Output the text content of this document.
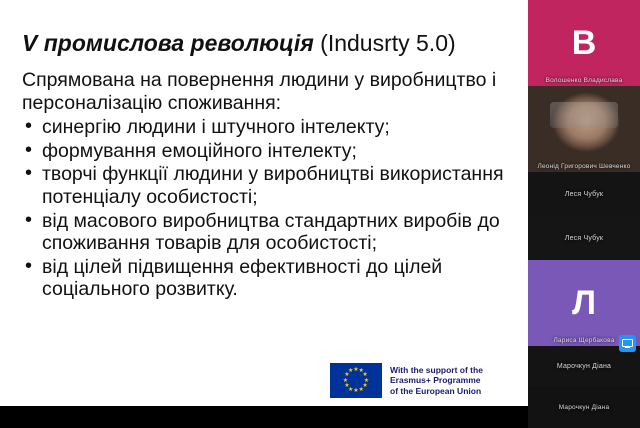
V промислова революція (Indusrty 5.0)

Спрямована на повернення людини у виробництво і персоналізацію споживання:

• синергію людини і штучного інтелекту;
• формування емоційного інтелекту;
• творчі функції людини у виробництві використання потенціалу особистості;
• від масового виробництва стандартних виробів до споживання товарів для особистості;
• від цілей підвищення ефективності до цілей соціального розвитку.
★ ★
★
★
★
★
★
★
★
★
★
★	With the support of the
Erasmus+ Programme
of the European Union
В
Волошенко Владислава
Леонід Григорович Шевченко
Леся Чубук
Леся Чубук
Л
Лариса Щербакова
Марочкун Діана
Марочкун Діана
